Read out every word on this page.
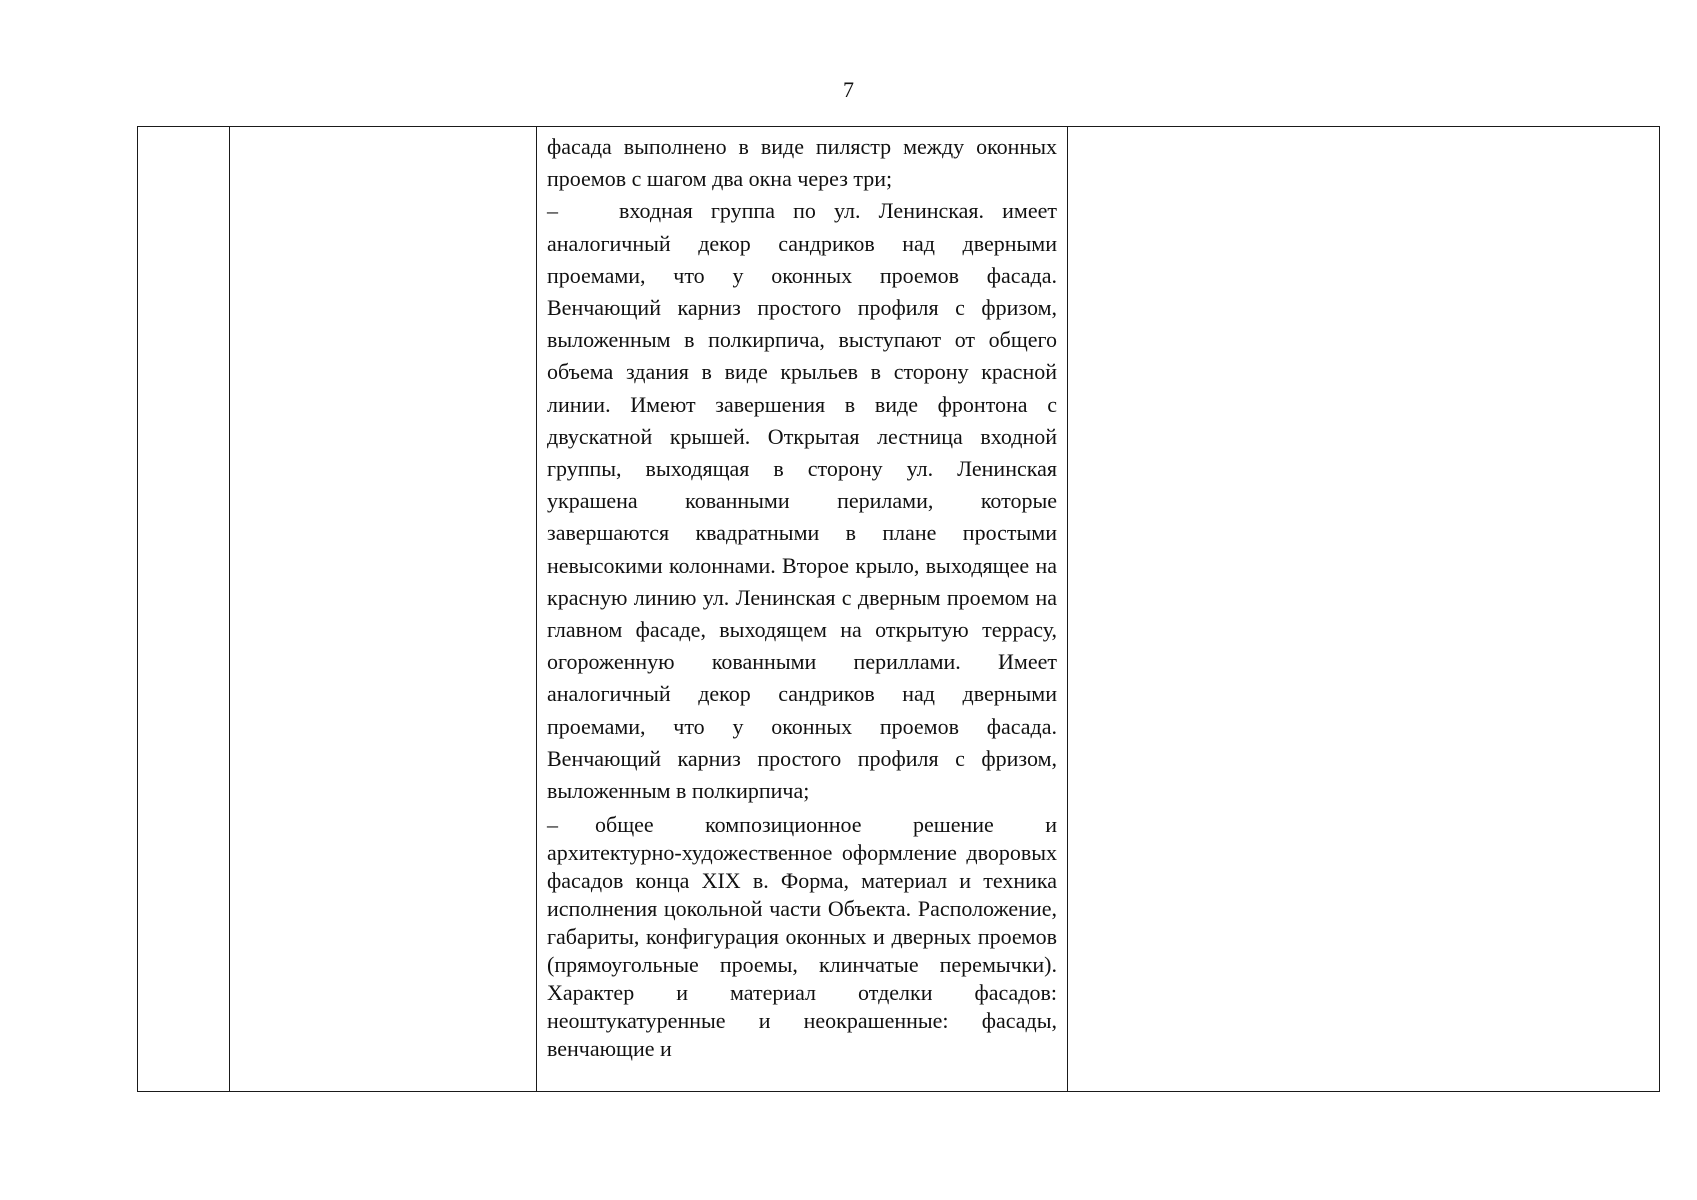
7

фасада выполнено в виде пилястр между оконных проемов с шагом два окна через три;

–	входная группа по ул. Ленинская. имеет аналогичный декор сандриков над дверными проемами, что у оконных проемов фасада. Венчающий карниз простого профиля с фризом, выложенным в полкирпича, выступают от общего объема здания в виде крыльев в сторону красной линии. Имеют завершения в виде фронтона с двускатной крышей. Открытая лестница входной группы, выходящая в сторону ул. Ленинская украшена кованными перилами, которые завершаются квадратными в плане простыми невысокими колоннами. Второе крыло, выходящее на красную линию ул. Ленинская с дверным проемом на главном фасаде, выходящем на открытую террасу, огороженную кованными периллами. Имеет аналогичный декор сандриков над дверными проемами, что у оконных проемов фасада. Венчающий карниз простого профиля с фризом, выложенным в полкирпича;

– общее композиционное решение и архитектурно-художественное оформление дворовых фасадов конца XIX в. Форма, материал и техника исполнения цокольной части Объекта. Расположение, габариты, конфигурация оконных и дверных проемов (прямоугольные проемы, клинчатые перемычки). Характер и материал отделки фасадов: неоштукатуренные и неокрашенные: фасады, венчающие и
